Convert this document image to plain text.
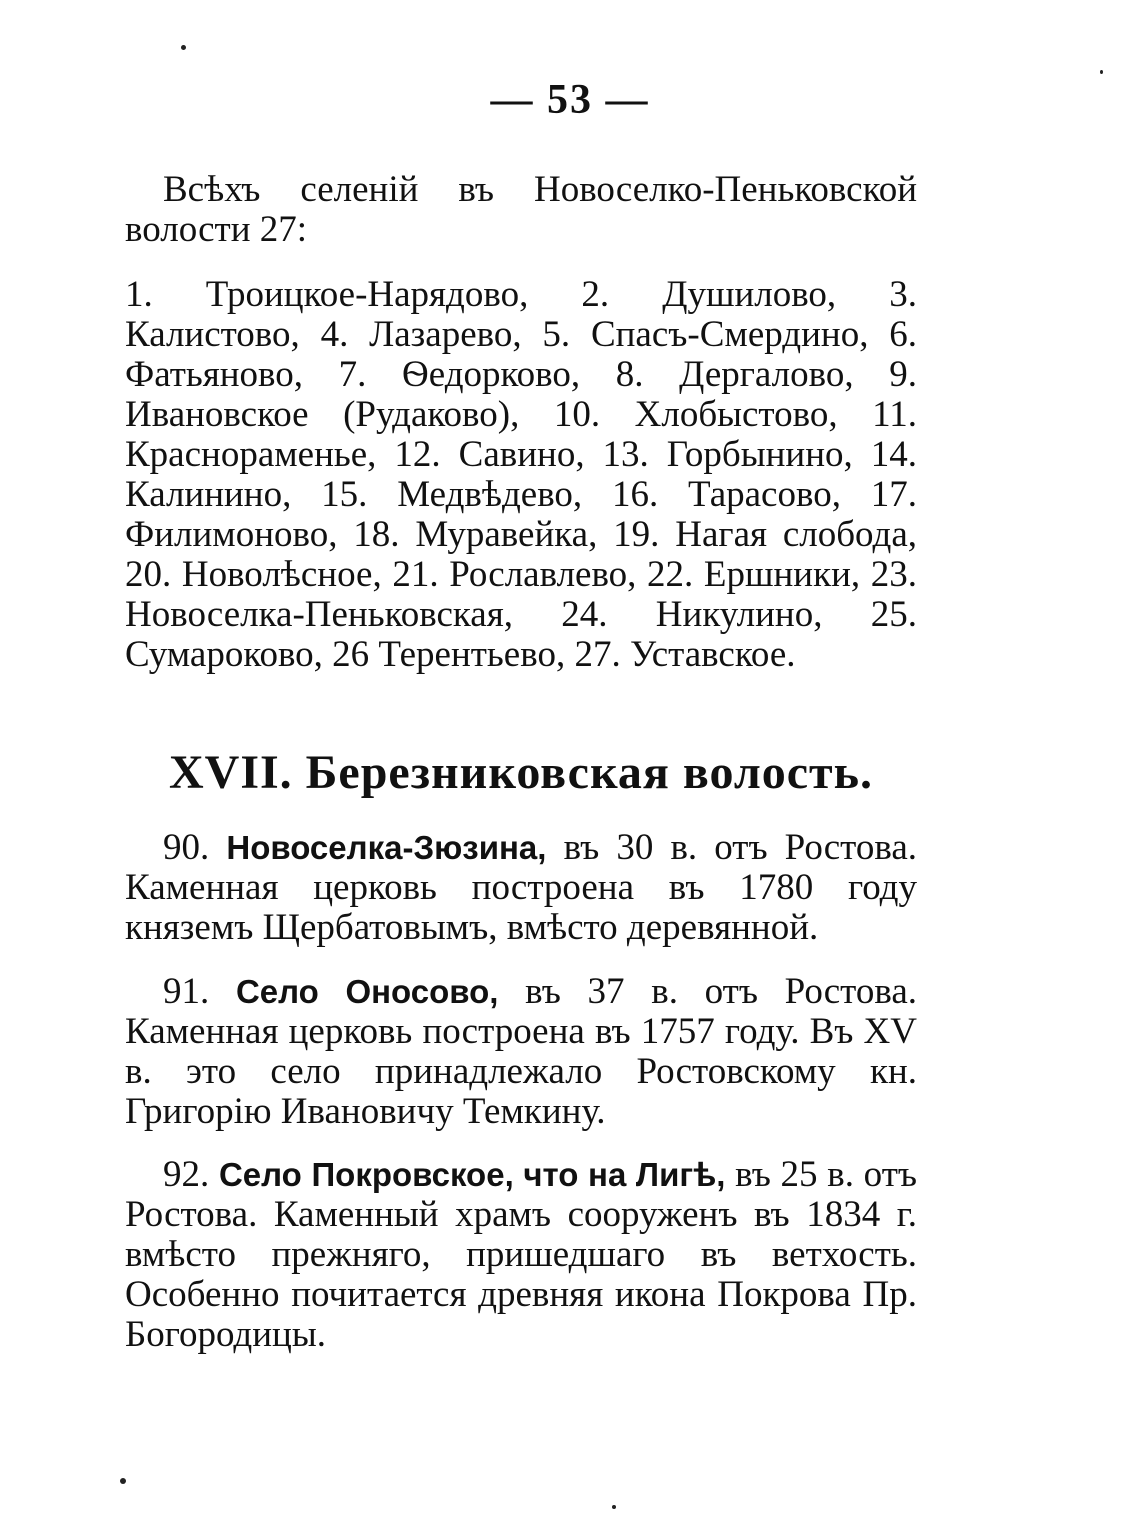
— 53 —
Всѣхъ селеній въ Новоселко-Пеньковской волости 27:
1. Троицкое-Нарядово, 2. Душилово, 3. Калистово, 4. Лазарево, 5. Спасъ-Смердино, 6. Фатьяново, 7. Ѳедорково, 8. Дергалово, 9. Ивановское (Рудаково), 10. Хлобыстово, 11. Краснораменье, 12. Савино, 13. Горбынино, 14. Калинино, 15. Медвѣдево, 16. Тарасово, 17. Филимоново, 18. Муравейка, 19. Нагая слобода, 20. Новолѣсное, 21. Рославлево, 22. Ершники, 23. Новоселка-Пеньковская, 24. Никулино, 25. Сумароково, 26 Терентьево, 27. Уставское.
XVII. Березниковская волость.
90. Новоселка-Зюзина, въ 30 в. отъ Ростова. Каменная церковь построена въ 1780 году княземъ Щербатовымъ, вмѣсто деревянной.
91. Село Оносово, въ 37 в. отъ Ростова. Каменная церковь построена въ 1757 году. Въ XV в. это село принадлежало Ростовскому кн. Григорію Ивановичу Темкину.
92. Село Покровское, что на Лигѣ, въ 25 в. отъ Ростова. Каменный храмъ сооруженъ въ 1834 г. вмѣсто прежняго, пришедшаго въ ветхость. Особенно почитается древняя икона Покрова Пр. Богородицы.
